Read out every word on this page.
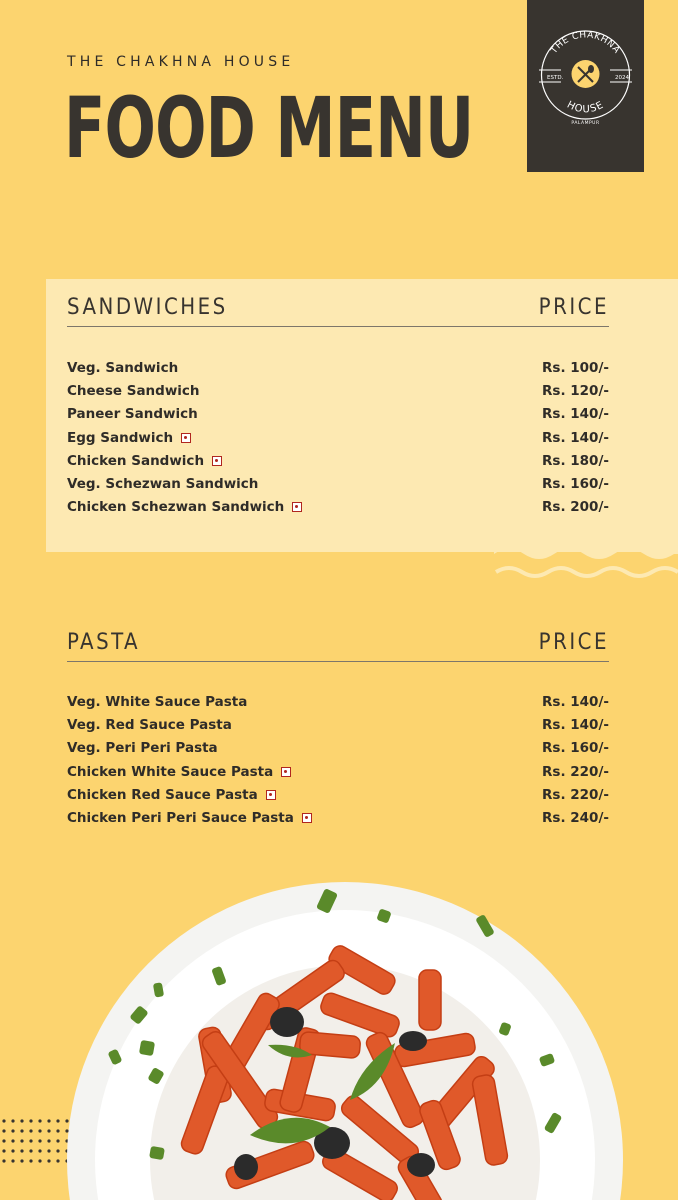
THE CHAKHNA HOUSE
FOOD MENU
THE CHAKHNA
HOUSE
ESTD.	2024
PALAMPUR
SANDWICHES	PRICE
Veg. Sandwich	Rs. 100/-
Cheese Sandwich	Rs. 120/-
Paneer Sandwich	Rs. 140/-
Egg Sandwich	Rs. 140/-
Chicken Sandwich	Rs. 180/-
Veg. Schezwan Sandwich	Rs. 160/-
Chicken Schezwan Sandwich	Rs. 200/-
PASTA	PRICE
Veg. White Sauce Pasta	Rs. 140/-
Veg. Red Sauce Pasta	Rs. 140/-
Veg. Peri Peri Pasta	Rs. 160/-
Chicken White Sauce Pasta	Rs. 220/-
Chicken Red Sauce Pasta	Rs. 220/-
Chicken Peri Peri Sauce Pasta	Rs. 240/-
